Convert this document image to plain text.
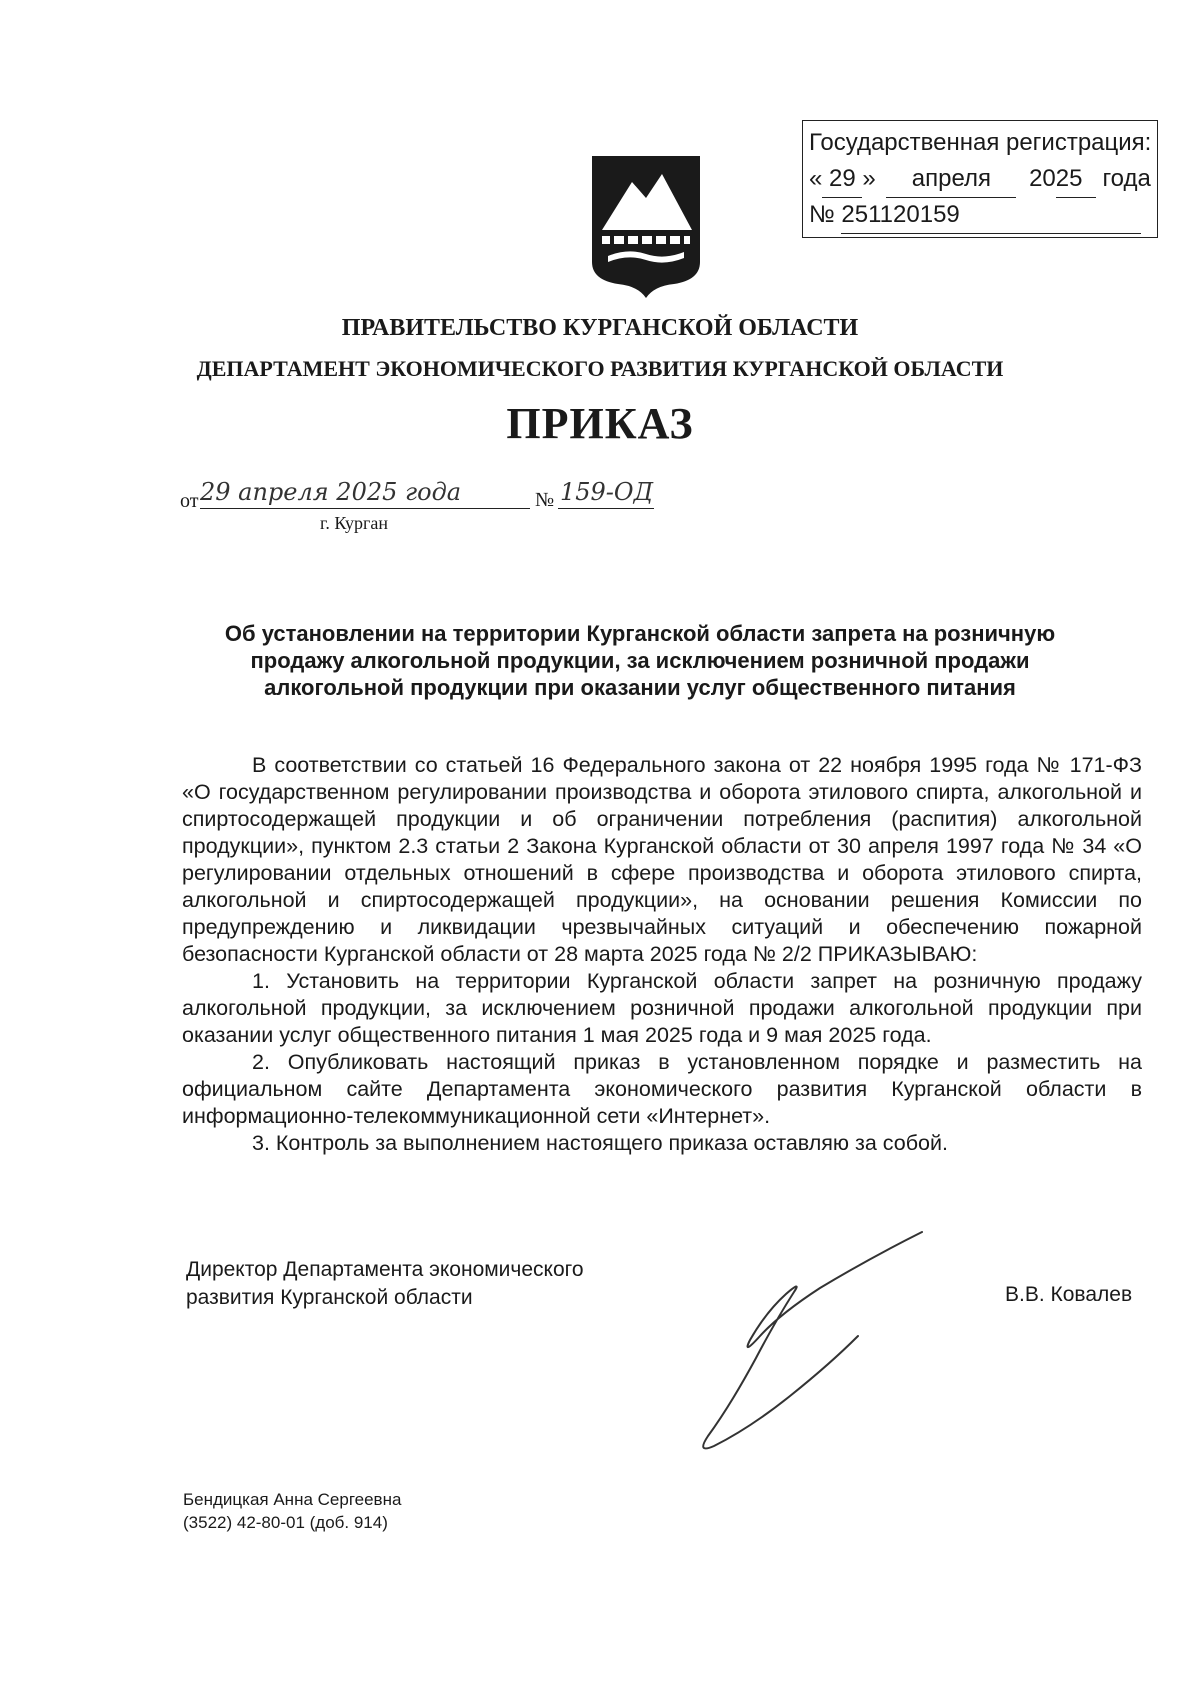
Государственная регистрация:
« 29 » апреля 2025 года
№ 251120159
ПРАВИТЕЛЬСТВО КУРГАНСКОЙ ОБЛАСТИ
ДЕПАРТАМЕНТ ЭКОНОМИЧЕСКОГО РАЗВИТИЯ КУРГАНСКОЙ ОБЛАСТИ
ПРИКАЗ
от 29 апреля 2025 года	№ 159-ОД
г. Курган
Об установлении на территории Курганской области запрета на розничную продажу алкогольной продукции, за исключением розничной продажи алкогольной продукции при оказании услуг общественного питания

В соответствии со статьей 16 Федерального закона от 22 ноября 1995 года № 171-ФЗ «О государственном регулировании производства и оборота этилового спирта, алкогольной и спиртосодержащей продукции и об ограничении потребления (распития) алкогольной продукции», пунктом 2.3 статьи 2 Закона Курганской области от 30 апреля 1997 года № 34 «О регулировании отдельных отношений в сфере производства и оборота этилового спирта, алкогольной и спиртосодержащей продукции», на основании решения Комиссии по предупреждению и ликвидации чрезвычайных ситуаций и обеспечению пожарной безопасности Курганской области от 28 марта 2025 года № 2/2 ПРИКАЗЫВАЮ:

1. Установить на территории Курганской области запрет на розничную продажу алкогольной продукции, за исключением розничной продажи алкогольной продукции при оказании услуг общественного питания 1 мая 2025 года и 9 мая 2025 года.

2. Опубликовать настоящий приказ в установленном порядке и разместить на официальном сайте Департамента экономического развития Курганской области в информационно-телекоммуникационной сети «Интернет».

3. Контроль за выполнением настоящего приказа оставляю за собой.

Директор Департамента экономического
развития Курганской области	В.В. Ковалев
Бендицкая Анна Сергеевна
(3522) 42-80-01 (доб. 914)
